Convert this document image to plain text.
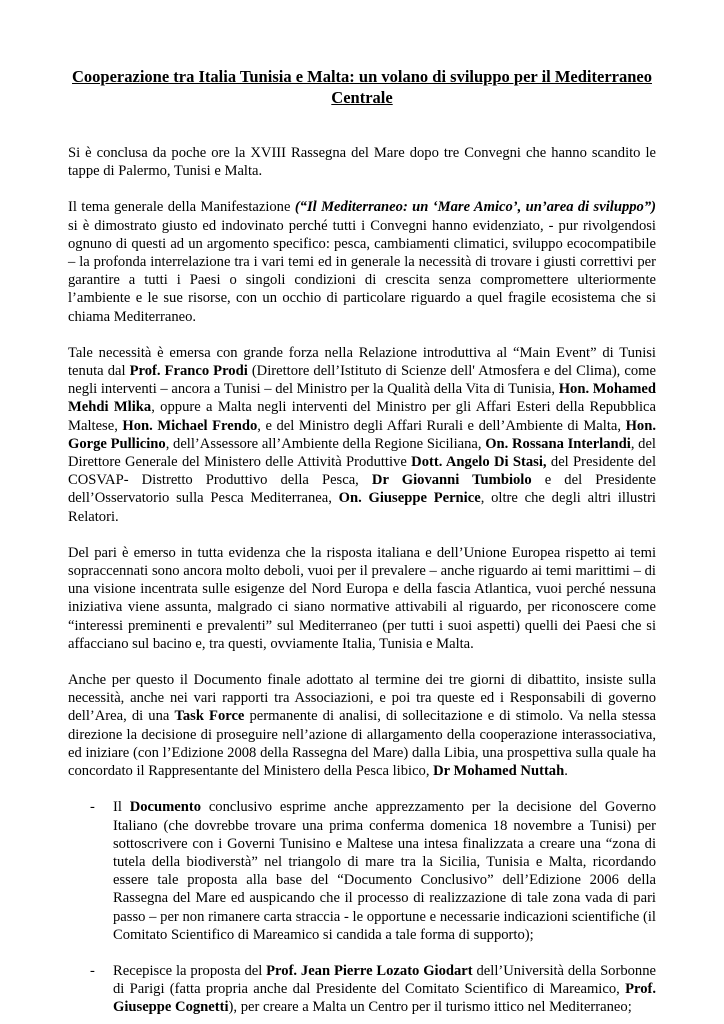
Cooperazione tra Italia Tunisia e Malta: un volano di sviluppo per il Mediterraneo Centrale

Si è conclusa da poche ore la XVIII Rassegna del Mare dopo tre Convegni che hanno scandito le tappe di Palermo, Tunisi e Malta.

Il tema generale della Manifestazione (“Il Mediterraneo: un ‘Mare Amico’, un’area di sviluppo”) si è dimostrato giusto ed indovinato perché tutti i Convegni hanno evidenziato, - pur rivolgendosi ognuno di questi ad un argomento specifico: pesca, cambiamenti climatici, sviluppo ecocompatibile – la profonda interrelazione tra i vari temi ed in generale la necessità di trovare i giusti correttivi per garantire a tutti i Paesi o singoli condizioni di crescita senza compromettere ulteriormente l’ambiente e le sue risorse, con un occhio di particolare riguardo a quel fragile ecosistema che si chiama Mediterraneo.

Tale necessità è emersa con grande forza nella Relazione introduttiva al “Main Event” di Tunisi tenuta dal Prof. Franco Prodi (Direttore dell’Istituto di Scienze dell' Atmosfera e del Clima), come negli interventi – ancora a Tunisi – del Ministro per la Qualità della Vita di Tunisia, Hon. Mohamed Mehdi Mlika, oppure a Malta negli interventi del Ministro per gli Affari Esteri della Repubblica Maltese, Hon. Michael Frendo, e del Ministro degli Affari Rurali e dell’Ambiente di Malta, Hon. Gorge Pullicino, dell’Assessore all’Ambiente della Regione Siciliana, On. Rossana Interlandi, del Direttore Generale del Ministero delle Attività Produttive Dott. Angelo Di Stasi, del Presidente del COSVAP- Distretto Produttivo della Pesca, Dr Giovanni Tumbiolo e del Presidente dell’Osservatorio sulla Pesca Mediterranea, On. Giuseppe Pernice, oltre che degli altri illustri Relatori.

Del pari è emerso in tutta evidenza che la risposta italiana e dell’Unione Europea rispetto ai temi sopraccennati sono ancora molto deboli, vuoi per il prevalere – anche riguardo ai temi marittimi – di una visione incentrata sulle esigenze del Nord Europa e della fascia Atlantica, vuoi perché nessuna iniziativa viene assunta, malgrado ci siano normative attivabili al riguardo, per riconoscere come “interessi preminenti e prevalenti” sul Mediterraneo (per tutti i suoi aspetti) quelli dei Paesi che si affacciano sul bacino e, tra questi, ovviamente Italia, Tunisia e Malta.

Anche per questo il Documento finale adottato al termine dei tre giorni di dibattito, insiste sulla necessità, anche nei vari rapporti tra Associazioni, e poi tra queste ed i Responsabili di governo dell’Area, di una Task Force permanente di analisi, di sollecitazione e di stimolo. Va nella stessa direzione la decisione di proseguire nell’azione di allargamento della cooperazione interassociativa, ed iniziare (con l’Edizione 2008 della Rassegna del Mare) dalla Libia, una prospettiva sulla quale ha concordato il Rappresentante del Ministero della Pesca libico, Dr Mohamed Nuttah.

- Il Documento conclusivo esprime anche apprezzamento per la decisione del Governo Italiano (che dovrebbe trovare una prima conferma domenica 18 novembre a Tunisi) per sottoscrivere con i Governi Tunisino e Maltese una intesa finalizzata a creare una “zona di tutela della biodiverstà” nel triangolo di mare tra la Sicilia, Tunisia e Malta, ricordando essere tale proposta alla base del “Documento Conclusivo” dell’Edizione 2006 della Rassegna del Mare ed auspicando che il processo di realizzazione di tale zona vada di pari passo – per non rimanere carta straccia - le opportune e necessarie indicazioni scientifiche (il Comitato Scientifico di Mareamico si candida a tale forma di supporto);
- Recepisce la proposta del Prof. Jean Pierre Lozato Giodart dell’Università della Sorbonne di Parigi (fatta propria anche dal Presidente del Comitato Scientifico di Mareamico, Prof. Giuseppe Cognetti), per creare a Malta un Centro per il turismo ittico nel Mediterraneo;
